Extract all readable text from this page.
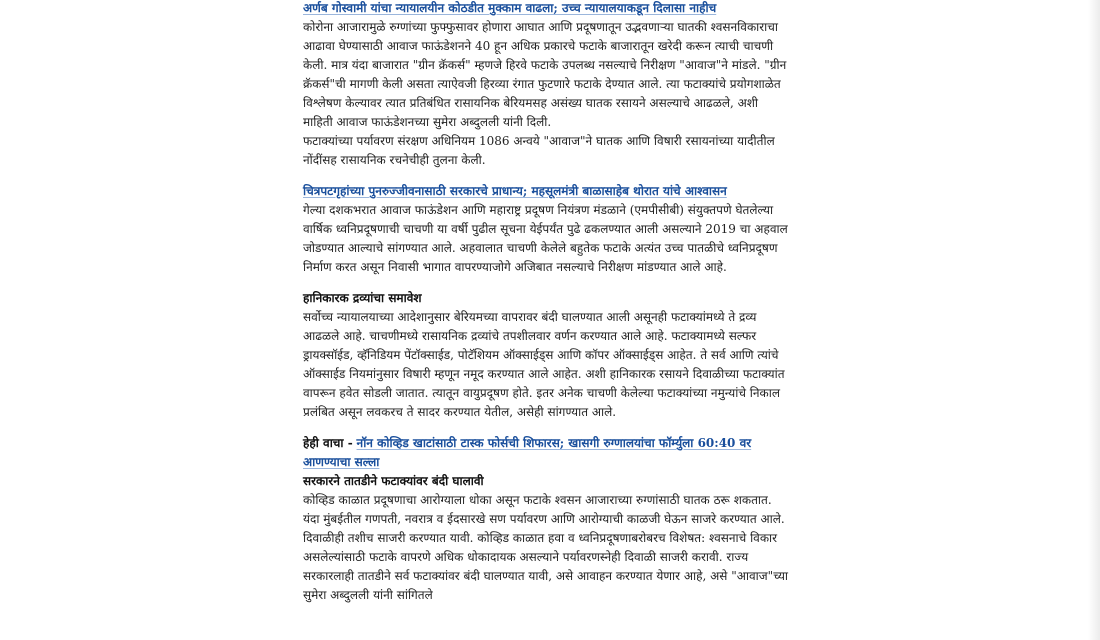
अर्णब गोस्वामी यांचा न्यायालयीन कोठडीत मुक्काम वाढला; उच्च न्यायालयाकडून दिलासा नाहीच

कोरोना आजारामुळे रुग्णांच्या फुफ्फुसावर होणारा आघात आणि प्रदूषणातून उद्भवणाऱ्या घातकी श्वसनविकाराचा आढावा घेण्यासाठी आवाज फाऊंडेशनने 40 हून अधिक प्रकारचे फटाके बाजारातून खरेदी करून त्याची चाचणी केली. मात्र यंदा बाजारात "ग्रीन क्रॅकर्स" म्हणजे हिरवे फटाके उपलब्ध नसल्याचे निरीक्षण "आवाज"ने मांडले. "ग्रीन क्रॅकर्स"ची मागणी केली असता त्याऐवजी हिरव्या रंगात फुटणारे फटाके देण्यात आले. त्या फटाक्यांचे प्रयोगशाळेत विश्लेषण केल्यावर त्यात प्रतिबंधित रासायनिक बेरियमसह असंख्य घातक रसायने असल्याचे आढळले, अशी माहिती आवाज फाऊंडेशनच्या सुमेरा अब्दुलली यांनी दिली.

फटाक्यांच्या पर्यावरण संरक्षण अधिनियम 1086 अन्वये "आवाज"ने घातक आणि विषारी रसायनांच्या यादीतील नोंदींसह रासायनिक रचनेचीही तुलना केली.

चित्रपटगृहांच्या पुनरुज्जीवनासाठी सरकारचे प्राधान्य; महसूलमंत्री बाळासाहेब थोरात यांचे आश्वासन

गेल्या दशकभरात आवाज फाऊंडेशन आणि महाराष्ट्र प्रदूषण नियंत्रण मंडळाने (एमपीसीबी) संयुक्तपणे घेतलेल्या वार्षिक ध्वनिप्रदूषणाची चाचणी या वर्षी पुढील सूचना येईपर्यंत पुढे ढकलण्यात आली असल्याने 2019 चा अहवाल जोडण्यात आल्याचे सांगण्यात आले. अहवालात चाचणी केलेले बहुतेक फटाके अत्यंत उच्च पातळीचे ध्वनिप्रदूषण निर्माण करत असून निवासी भागात वापरण्याजोगे अजिबात नसल्याचे निरीक्षण मांडण्यात आले आहे.

हानिकारक द्रव्यांचा समावेश

सर्वोच्च न्यायालयाच्या आदेशानुसार बेरियमच्या वापरावर बंदी घालण्यात आली असूनही फटाक्यांमध्ये ते द्रव्य आढळले आहे. चाचणीमध्ये रासायनिक द्रव्यांचे तपशीलवार वर्णन करण्यात आले आहे. फटाक्यामध्ये सल्फर ड्रायक्सॉईड, व्हॅनिडियम पेंटॉक्साईड, पोटॅशियम ऑक्साईड्स आणि कॉपर ऑक्साईड्स आहेत. ते सर्व आणि त्यांचे ऑक्साईड नियमांनुसार विषारी म्हणून नमूद करण्यात आले आहेत. अशी हानिकारक रसायने दिवाळीच्या फटाक्यांत वापरून हवेत सोडली जातात. त्यातून वायुप्रदूषण होते. इतर अनेक चाचणी केलेल्या फटाक्यांच्या नमुन्यांचे निकाल प्रलंबित असून लवकरच ते सादर करण्यात येतील, असेही सांगण्यात आले.

हेही वाचा - नॉन कोव्हिड खाटांसाठी टास्क फोर्सची शिफारस; खासगी रुग्णालयांचा फॉर्म्युला 60:40 वर आणण्याचा सल्ला

सरकारने तातडीने फटाक्यांवर बंदी घालावी

कोव्हिड काळात प्रदूषणाचा आरोग्याला धोका असून फटाके श्वसन आजाराच्या रुग्णांसाठी घातक ठरू शकतात. यंदा मुंबईतील गणपती, नवरात्र व ईदसारखे सण पर्यावरण आणि आरोग्याची काळजी घेऊन साजरे करण्यात आले. दिवाळीही तशीच साजरी करण्यात यावी. कोव्हिड काळात हवा व ध्वनिप्रदूषणाबरोबरच विशेषत: श्वसनाचे विकार असलेल्यांसाठी फटाके वापरणे अधिक धोकादायक असल्याने पर्यावरणस्नेही दिवाळी साजरी करावी. राज्य सरकारलाही तातडीने सर्व फटाक्यांवर बंदी घालण्यात यावी, असे आवाहन करण्यात येणार आहे, असे "आवाज"च्या सुमेरा अब्दुलली यांनी सांगितले
